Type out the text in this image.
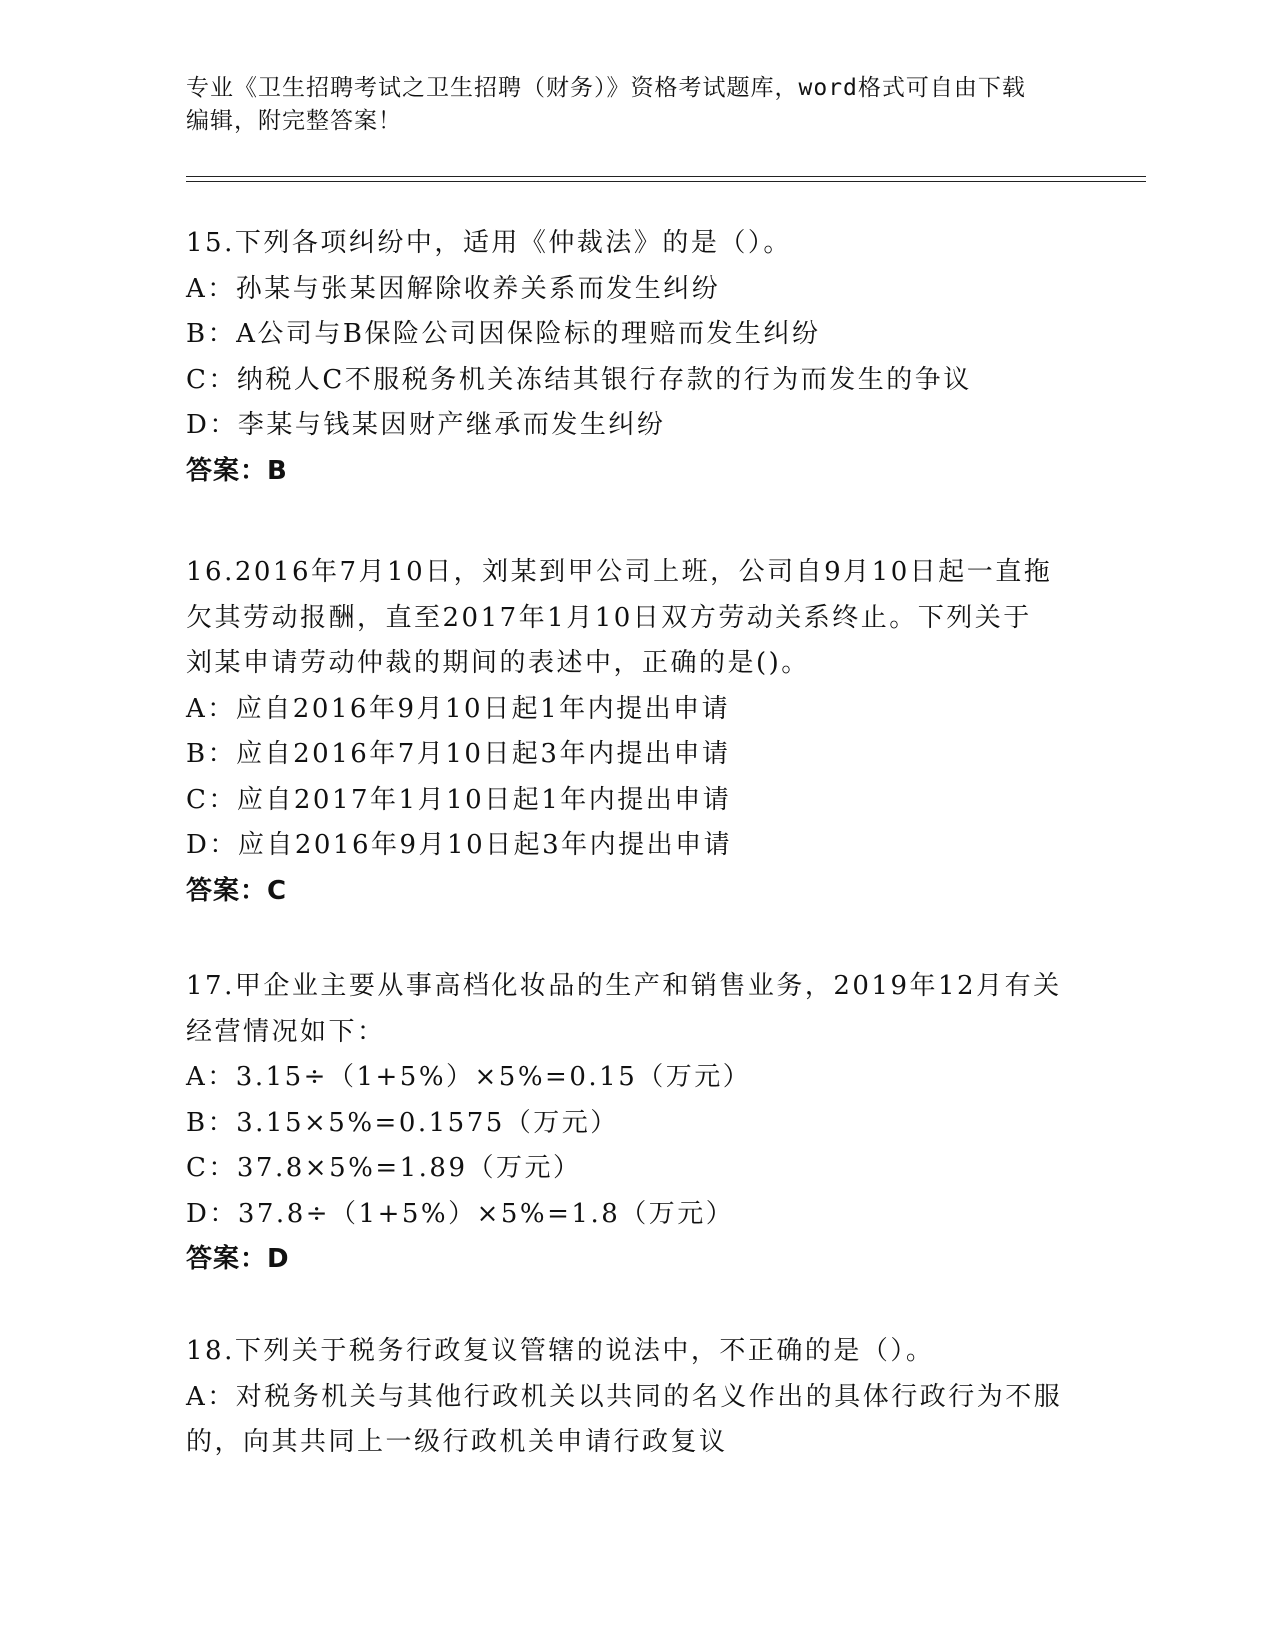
专业《卫生招聘考试之卫生招聘（财务）》资格考试题库，word格式可自由下载
编辑，附完整答案！
15.下列各项纠纷中，适用《仲裁法》的是（）。
A：孙某与张某因解除收养关系而发生纠纷
B：A公司与B保险公司因保险标的理赔而发生纠纷
C：纳税人C不服税务机关冻结其银行存款的行为而发生的争议
D：李某与钱某因财产继承而发生纠纷
答案：B
16.2016年7月10日，刘某到甲公司上班，公司自9月10日起一直拖
欠其劳动报酬，直至2017年1月10日双方劳动关系终止。下列关于
刘某申请劳动仲裁的期间的表述中，正确的是()。
A：应自2016年9月10日起1年内提出申请
B：应自2016年7月10日起3年内提出申请
C：应自2017年1月10日起1年内提出申请
D：应自2016年9月10日起3年内提出申请
答案：C
17.甲企业主要从事高档化妆品的生产和销售业务，2019年12月有关
经营情况如下：
A：3.15÷（1+5%）×5%=0.15（万元）
B：3.15×5%=0.1575（万元）
C：37.8×5%=1.89（万元）
D：37.8÷（1+5%）×5%=1.8（万元）
答案：D
18.下列关于税务行政复议管辖的说法中，不正确的是（）。
A：对税务机关与其他行政机关以共同的名义作出的具体行政行为不服
的，向其共同上一级行政机关申请行政复议
